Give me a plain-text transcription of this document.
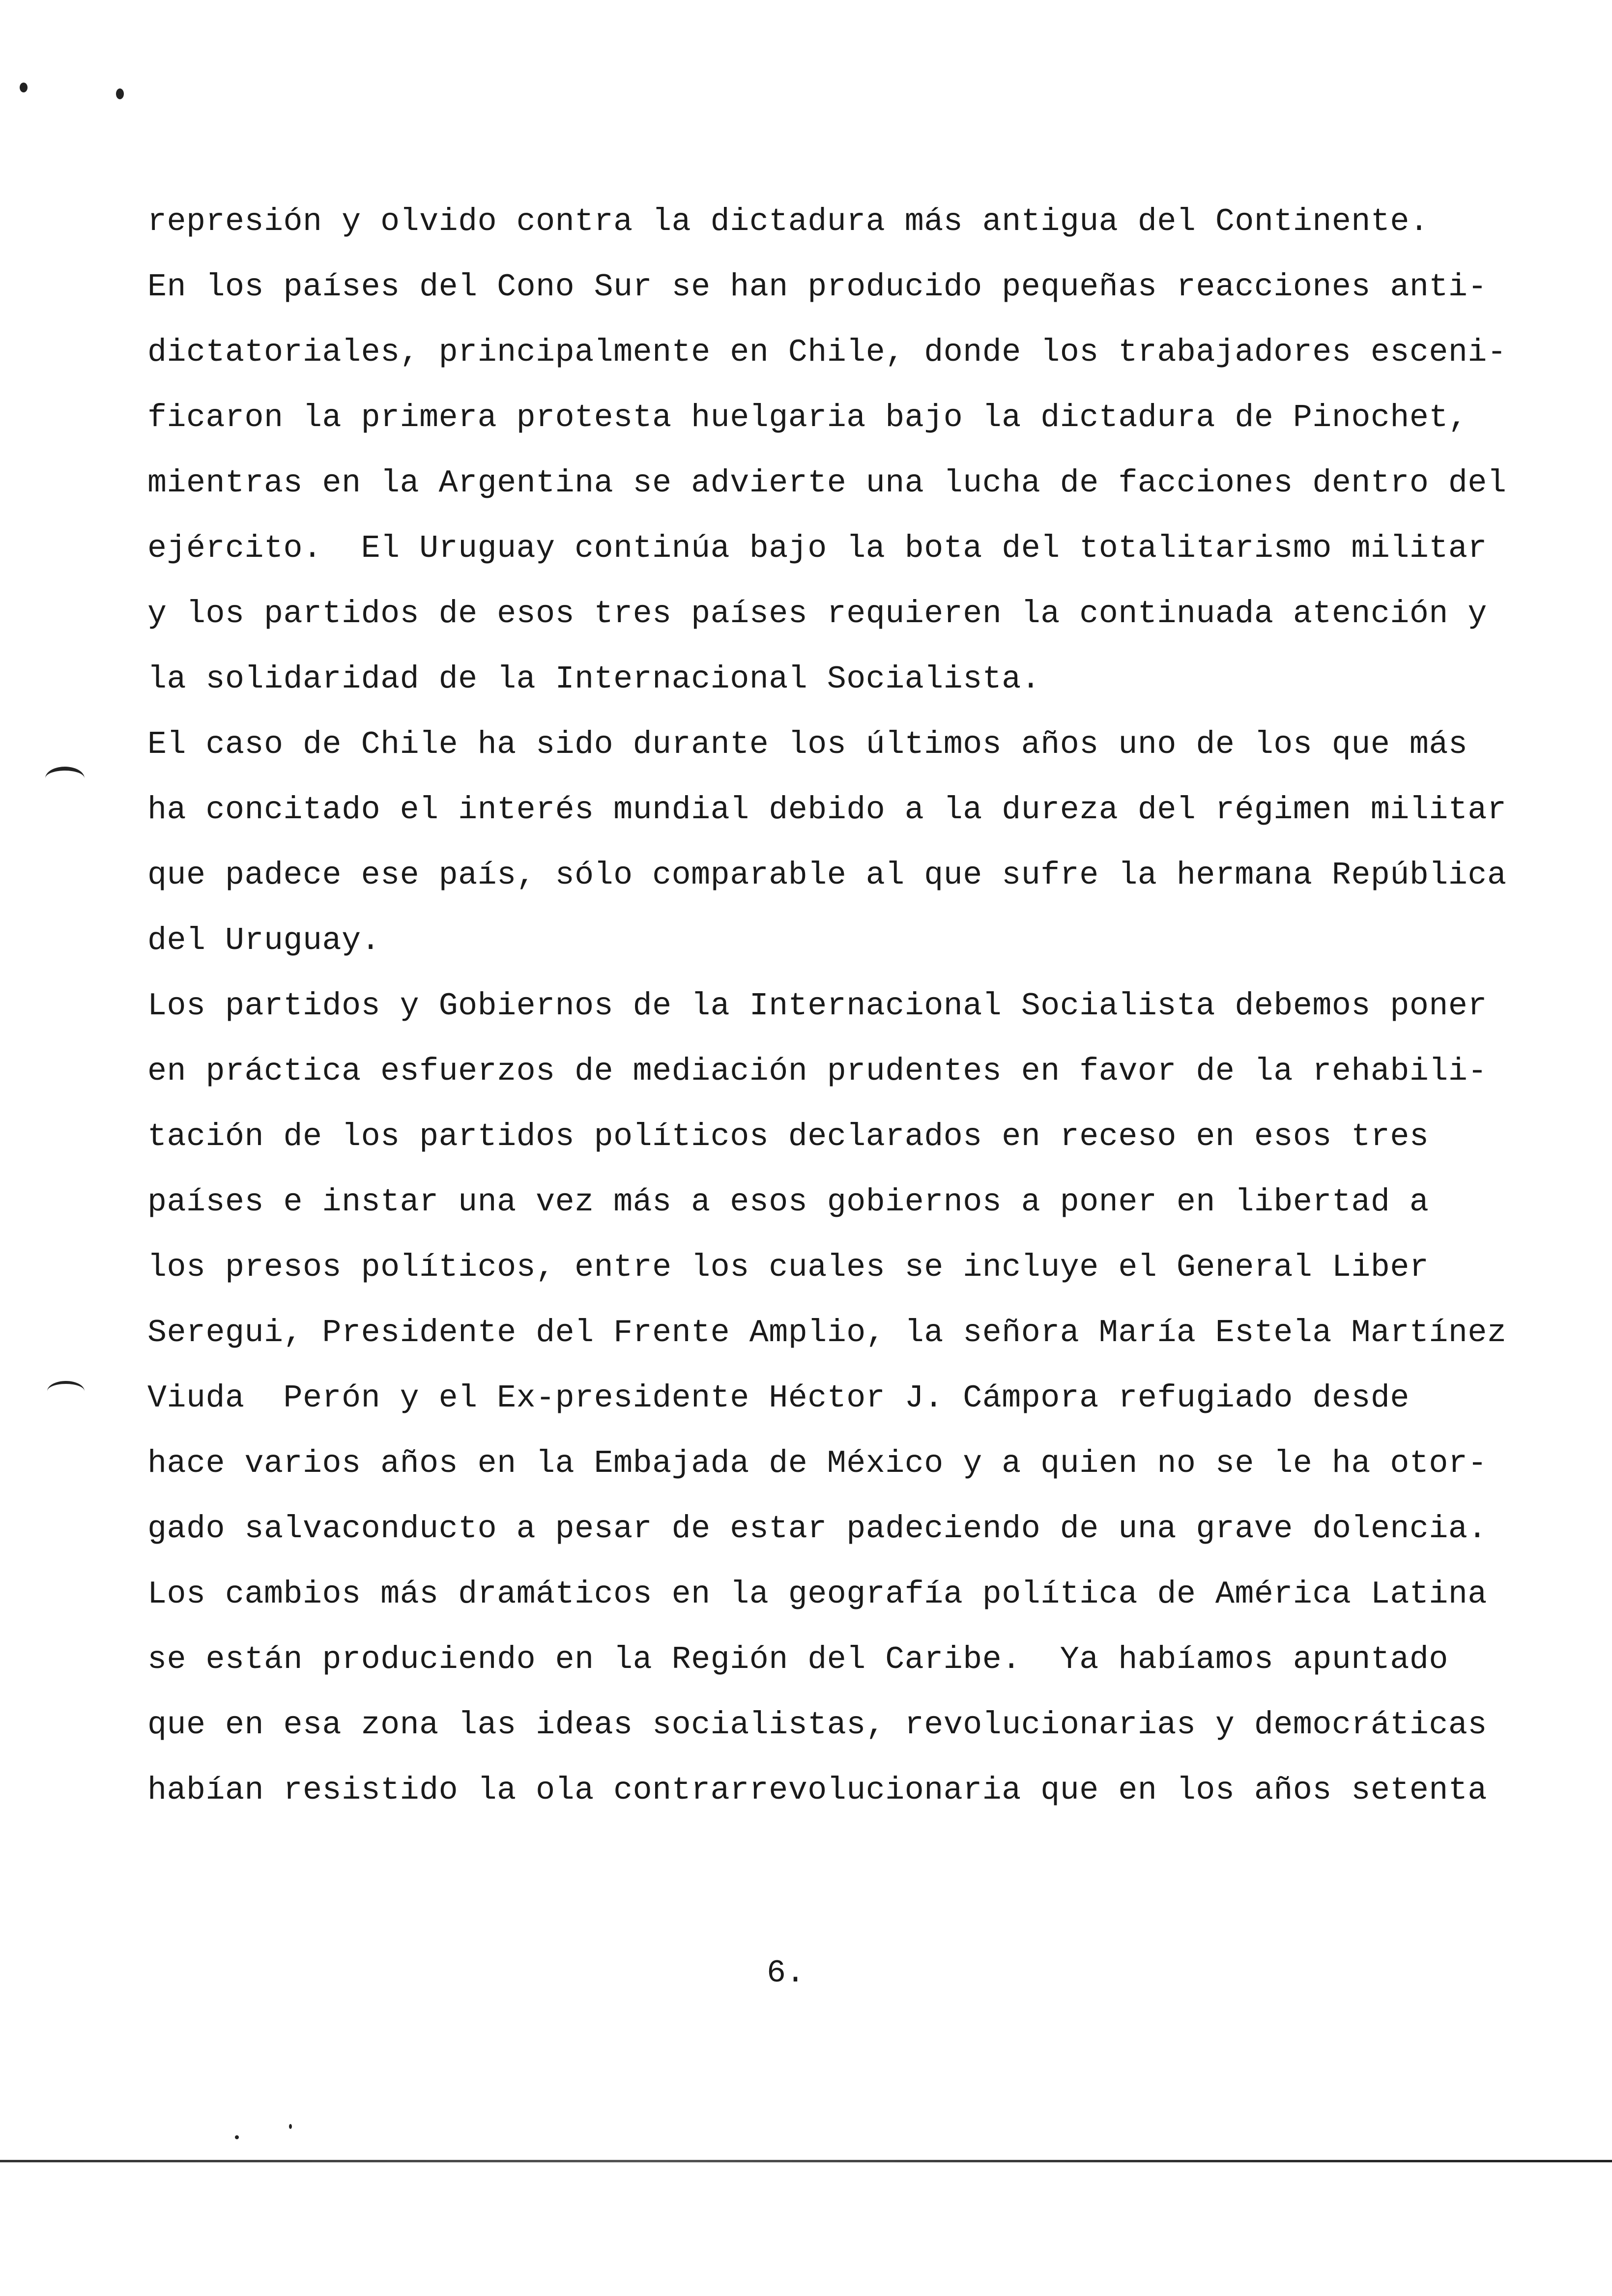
represión y olvido contra la dictadura más antigua del Continente.
En los países del Cono Sur se han producido pequeñas reacciones anti-
dictatoriales, principalmente en Chile, donde los trabajadores esceni-
ficaron la primera protesta huelgaria bajo la dictadura de Pinochet,
mientras en la Argentina se advierte una lucha de facciones dentro del
ejército.  El Uruguay continúa bajo la bota del totalitarismo militar
y los partidos de esos tres países requieren la continuada atención y
la solidaridad de la Internacional Socialista.
El caso de Chile ha sido durante los últimos años uno de los que más
ha concitado el interés mundial debido a la dureza del régimen militar
que padece ese país, sólo comparable al que sufre la hermana República
del Uruguay.
Los partidos y Gobiernos de la Internacional Socialista debemos poner
en práctica esfuerzos de mediación prudentes en favor de la rehabili-
tación de los partidos políticos declarados en receso en esos tres
países e instar una vez más a esos gobiernos a poner en libertad a
los presos políticos, entre los cuales se incluye el General Liber
Seregui, Presidente del Frente Amplio, la señora María Estela Martínez
Viuda  Perón y el Ex-presidente Héctor J. Cámpora refugiado desde
hace varios años en la Embajada de México y a quien no se le ha otor-
gado salvaconducto a pesar de estar padeciendo de una grave dolencia.
Los cambios más dramáticos en la geografía política de América Latina
se están produciendo en la Región del Caribe.  Ya habíamos apuntado
que en esa zona las ideas socialistas, revolucionarias y democráticas
habían resistido la ola contrarrevolucionaria que en los años setenta
6.
